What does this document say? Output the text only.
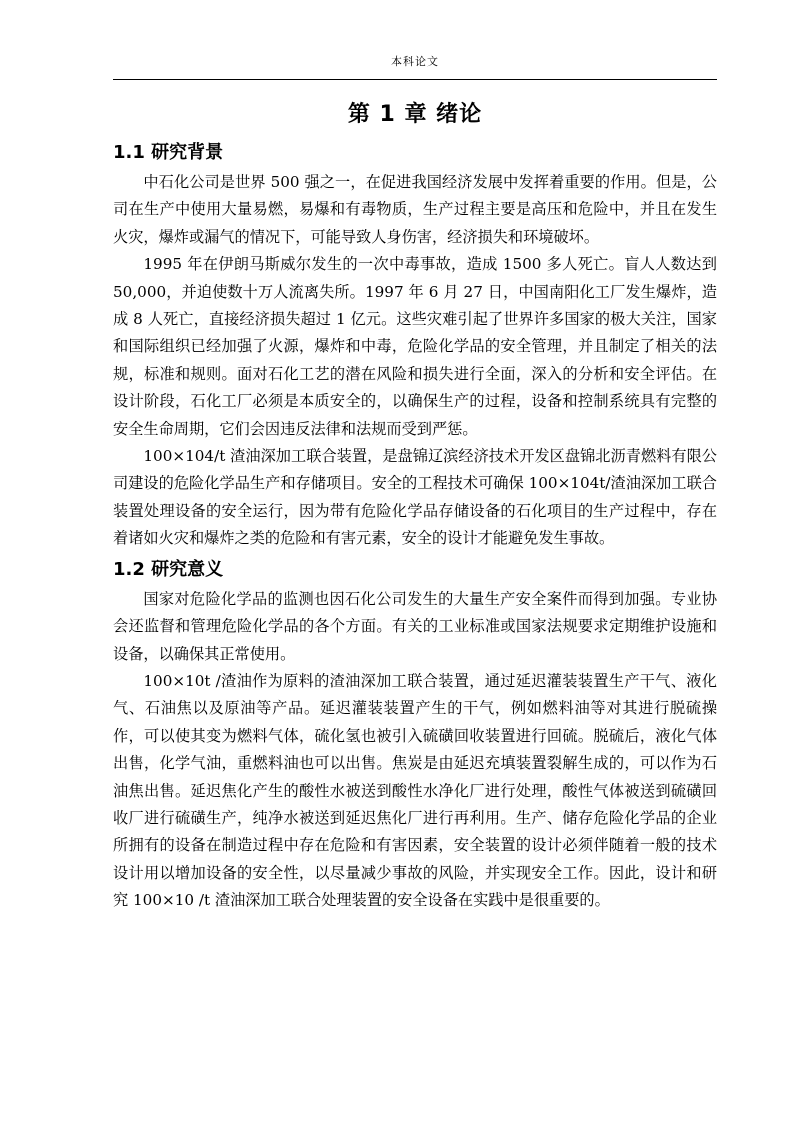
本科论文
第 1 章 绪论
1.1 研究背景

中石化公司是世界 500 强之一，在促进我国经济发展中发挥着重要的作用。但是，公司在生产中使用大量易燃，易爆和有毒物质，生产过程主要是高压和危险中，并且在发生火灾，爆炸或漏气的情况下，可能导致人身伤害，经济损失和环境破坏。

1995 年在伊朗马斯威尔发生的一次中毒事故，造成 1500 多人死亡。盲人人数达到 50,000，并迫使数十万人流离失所。1997 年 6 月 27 日，中国南阳化工厂发生爆炸，造成 8 人死亡，直接经济损失超过 1 亿元。这些灾难引起了世界许多国家的极大关注，国家和国际组织已经加强了火源，爆炸和中毒，危险化学品的安全管理，并且制定了相关的法规，标准和规则。面对石化工艺的潜在风险和损失进行全面，深入的分析和安全评估。在设计阶段，石化工厂必须是本质安全的，以确保生产的过程，设备和控制系统具有完整的安全生命周期，它们会因违反法律和法规而受到严惩。

100×104/t 渣油深加工联合装置，是盘锦辽滨经济技术开发区盘锦北沥青燃料有限公司建设的危险化学品生产和存储项目。安全的工程技术可确保 100×104t/渣油深加工联合装置处理设备的安全运行，因为带有危险化学品存储设备的石化项目的生产过程中，存在着诸如火灾和爆炸之类的危险和有害元素，安全的设计才能避免发生事故。

1.2 研究意义

国家对危险化学品的监测也因石化公司发生的大量生产安全案件而得到加强。专业协会还监督和管理危险化学品的各个方面。有关的工业标准或国家法规要求定期维护设施和设备，以确保其正常使用。

100×10t /渣油作为原料的渣油深加工联合装置，通过延迟灌装装置生产干气、液化气、石油焦以及原油等产品。延迟灌装装置产生的干气，例如燃料油等对其进行脱硫操作，可以使其变为燃料气体，硫化氢也被引入硫磺回收装置进行回硫。脱硫后，液化气体出售，化学气油，重燃料油也可以出售。焦炭是由延迟充填装置裂解生成的，可以作为石油焦出售。延迟焦化产生的酸性水被送到酸性水净化厂进行处理，酸性气体被送到硫磺回收厂进行硫磺生产，纯净水被送到延迟焦化厂进行再利用。生产、储存危险化学品的企业所拥有的设备在制造过程中存在危险和有害因素，安全装置的设计必须伴随着一般的技术设计用以增加设备的安全性，以尽量减少事故的风险，并实现安全工作。因此，设计和研究 100×10 /t 渣油深加工联合处理装置的安全设备在实践中是很重要的。
